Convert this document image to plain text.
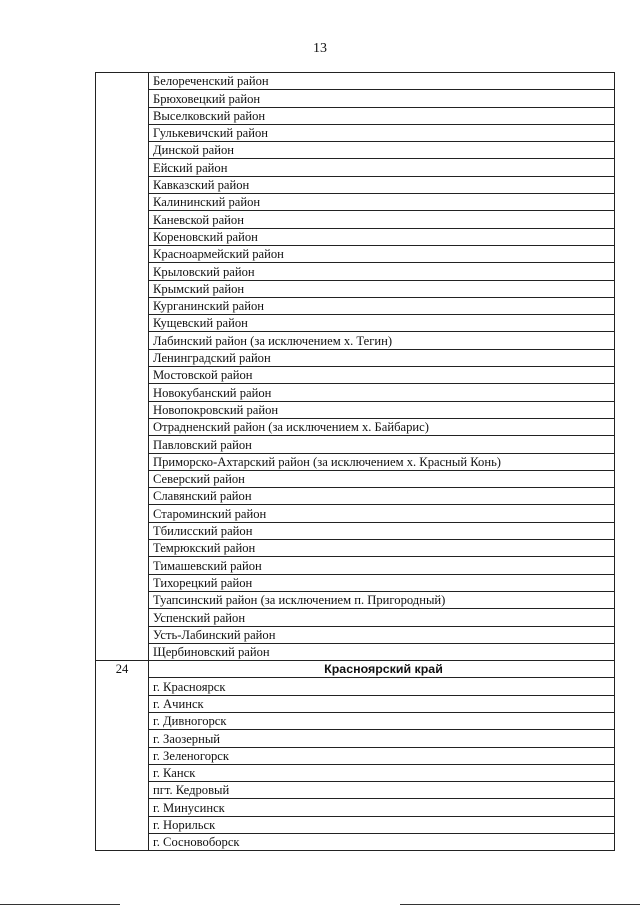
13
	Белореченский район
	Брюховецкий район
	Выселковский район
	Гулькевичский район
	Динской район
	Ейский район
	Кавказский район
	Калининский район
	Каневской район
	Кореновский район
	Красноармейский район
	Крыловский район
	Крымский район
	Курганинский район
	Кущевский район
	Лабинский район (за исключением х. Тегин)
	Ленинградский район
	Мостовской район
	Новокубанский район
	Новопокровский район
	Отрадненский район (за исключением х. Байбарис)
	Павловский район
	Приморско-Ахтарский район (за исключением х. Красный Конь)
	Северский район
	Славянский район
	Староминский район
	Тбилисский район
	Темрюкский район
	Тимашевский район
	Тихорецкий район
	Туапсинский район (за исключением п. Пригородный)
	Успенский район
	Усть-Лабинский район
	Щербиновский район
24	Красноярский край
	г. Красноярск
	г. Ачинск
	г. Дивногорск
	г. Заозерный
	г. Зеленогорск
	г. Канск
	пгт. Кедровый
	г. Минусинск
	г. Норильск
	г. Сосновоборск
